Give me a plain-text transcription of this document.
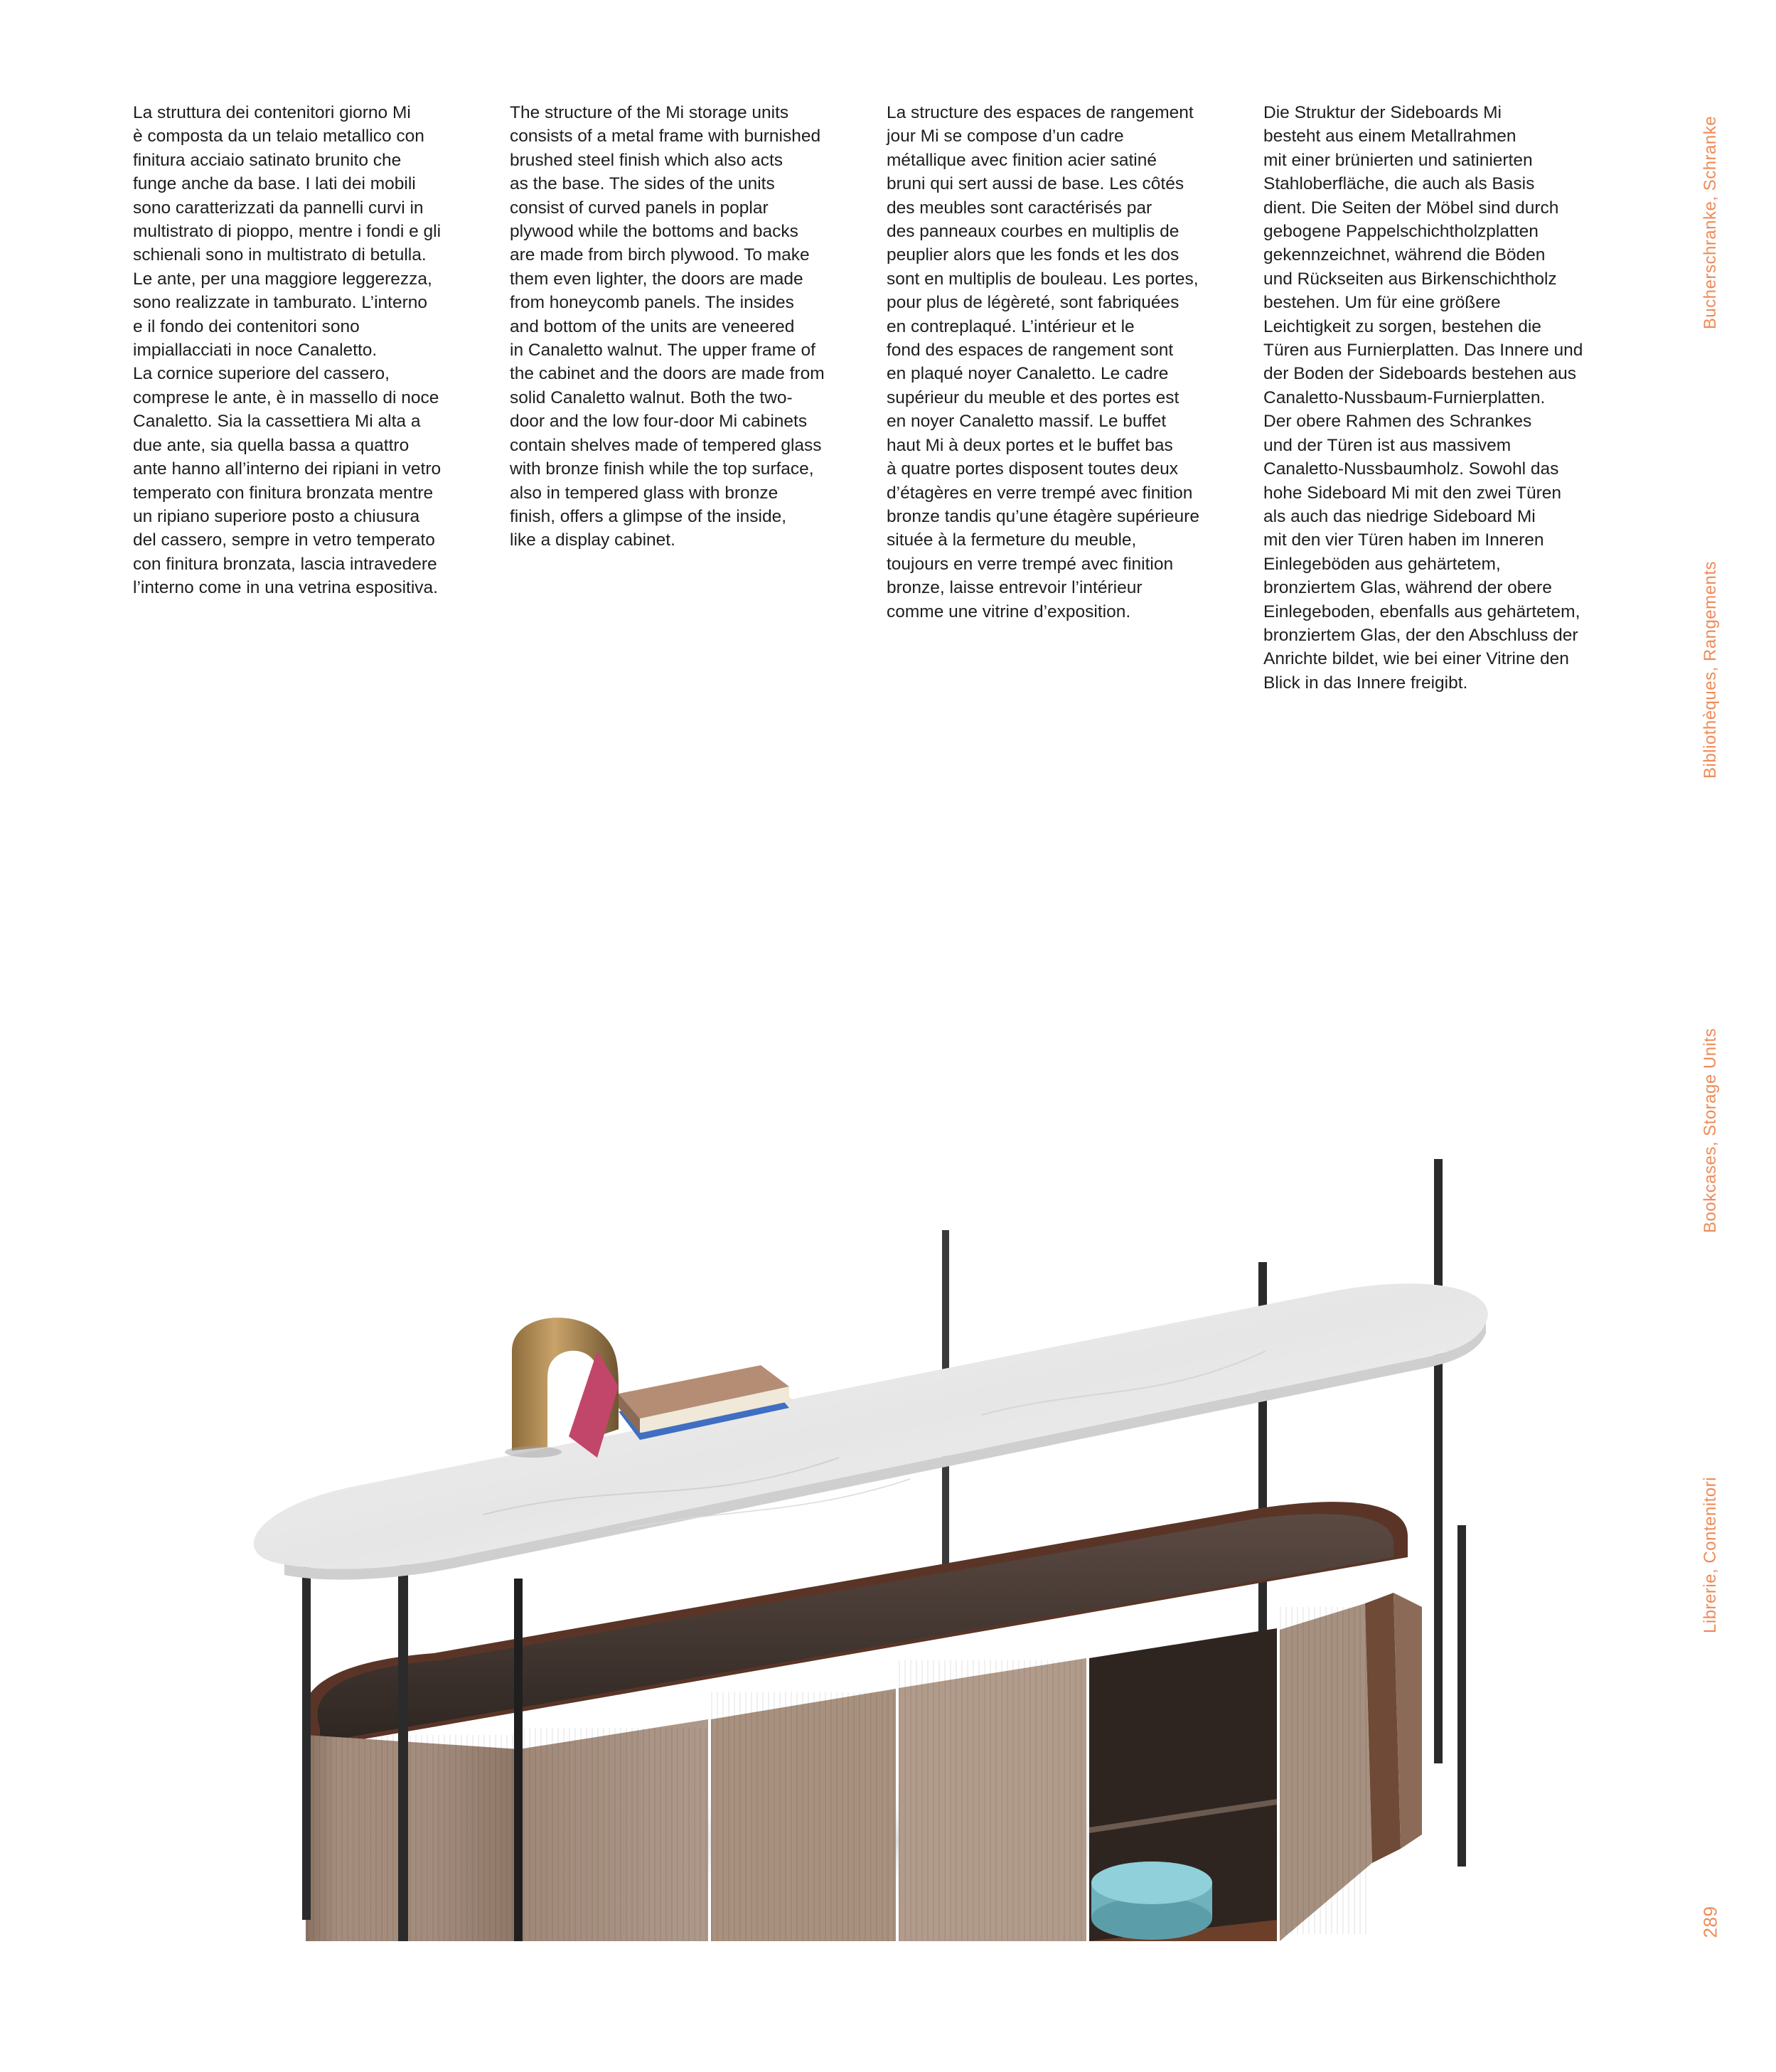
La struttura dei contenitori giorno Mi
è composta da un telaio metallico con
finitura acciaio satinato brunito che
funge anche da base. I lati dei mobili
sono caratterizzati da pannelli curvi in
multistrato di pioppo, mentre i fondi e gli
schienali sono in multistrato di betulla.
Le ante, per una maggiore leggerezza,
sono realizzate in tamburato. L’interno
e il fondo dei contenitori sono
impiallacciati in noce Canaletto.
La cornice superiore del cassero,
comprese le ante, è in massello di noce
Canaletto. Sia la cassettiera Mi alta a
due ante, sia quella bassa a quattro
ante hanno all’interno dei ripiani in vetro
temperato con finitura bronzata mentre
un ripiano superiore posto a chiusura
del cassero, sempre in vetro temperato
con finitura bronzata, lascia intravedere
l’interno come in una vetrina espositiva.

The structure of the Mi storage units
consists of a metal frame with burnished
brushed steel finish which also acts
as the base. The sides of the units
consist of curved panels in poplar
plywood while the bottoms and backs
are made from birch plywood. To make
them even lighter, the doors are made
from honeycomb panels. The insides
and bottom of the units are veneered
in Canaletto walnut. The upper frame of
the cabinet and the doors are made from
solid Canaletto walnut. Both the two-
door and the low four-door Mi cabinets
contain shelves made of tempered glass
with bronze finish while the top surface,
also in tempered glass with bronze
finish, offers a glimpse of the inside,
like a display cabinet.

La structure des espaces de rangement
jour Mi se compose d’un cadre
métallique avec finition acier satiné
bruni qui sert aussi de base. Les côtés
des meubles sont caractérisés par
des panneaux courbes en multiplis de
peuplier alors que les fonds et les dos
sont en multiplis de bouleau. Les portes,
pour plus de légèreté, sont fabriquées
en contreplaqué. L’intérieur et le
fond des espaces de rangement sont
en plaqué noyer Canaletto. Le cadre
supérieur du meuble et des portes est
en noyer Canaletto massif. Le buffet
haut Mi à deux portes et le buffet bas
à quatre portes disposent toutes deux
d’étagères en verre trempé avec finition
bronze tandis qu’une étagère supérieure
située à la fermeture du meuble,
toujours en verre trempé avec finition
bronze, laisse entrevoir l’intérieur
comme une vitrine d’exposition.

Die Struktur der Sideboards Mi
besteht aus einem Metallrahmen
mit einer brünierten und satinierten
Stahloberfläche, die auch als Basis
dient. Die Seiten der Möbel sind durch
gebogene Pappelschichtholzplatten
gekennzeichnet, während die Böden
und Rückseiten aus Birkenschichtholz
bestehen. Um für eine größere
Leichtigkeit zu sorgen, bestehen die
Türen aus Furnierplatten. Das Innere und
der Boden der Sideboards bestehen aus
Canaletto-Nussbaum-Furnierplatten.
Der obere Rahmen des Schrankes
und der Türen ist aus massivem
Canaletto-Nussbaumholz. Sowohl das
hohe Sideboard Mi mit den zwei Türen
als auch das niedrige Sideboard Mi
mit den vier Türen haben im Inneren
Einlegeböden aus gehärtetem,
bronziertem Glas, während der obere
Einlegeboden, ebenfalls aus gehärtetem,
bronziertem Glas, der den Abschluss der
Anrichte bildet, wie bei einer Vitrine den
Blick in das Innere freigibt.

Bucherschranke, Schranke
Bibliothèques, Rangements
Bookcases, Storage Units
Librerie, Contenitori
289
